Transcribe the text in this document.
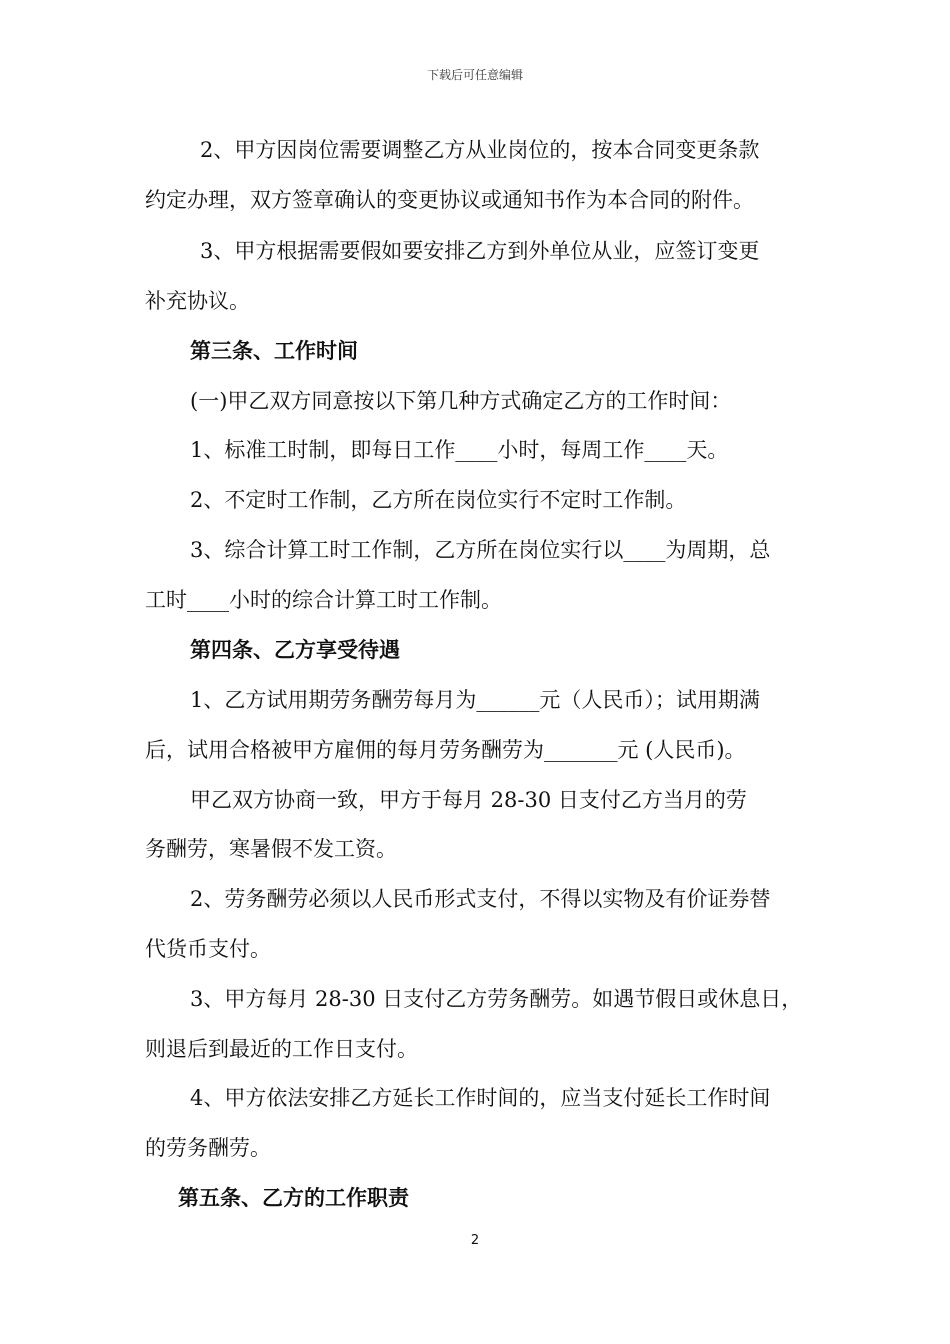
下载后可任意编辑
2、甲方因岗位需要调整乙方从业岗位的，按本合同变更条款
约定办理，双方签章确认的变更协议或通知书作为本合同的附件。
3、甲方根据需要假如要安排乙方到外单位从业，应签订变更
补充协议。
第三条、工作时间
(一)甲乙双方同意按以下第几种方式确定乙方的工作时间：
1、标准工时制，即每日工作____小时，每周工作____天。
2、不定时工作制，乙方所在岗位实行不定时工作制。
3、综合计算工时工作制，乙方所在岗位实行以____为周期，总
工时____小时的综合计算工时工作制。
第四条、乙方享受待遇
1、乙方试用期劳务酬劳每月为______元（人民币）；试用期满
后，试用合格被甲方雇佣的每月劳务酬劳为_______元 (人民币)。
甲乙双方协商一致，甲方于每月 28-30 日支付乙方当月的劳
务酬劳，寒暑假不发工资。
2、劳务酬劳必须以人民币形式支付，不得以实物及有价证券替
代货币支付。
3、甲方每月 28-30 日支付乙方劳务酬劳。如遇节假日或休息日，
则退后到最近的工作日支付。
4、甲方依法安排乙方延长工作时间的，应当支付延长工作时间
的劳务酬劳。
第五条、乙方的工作职责
2
